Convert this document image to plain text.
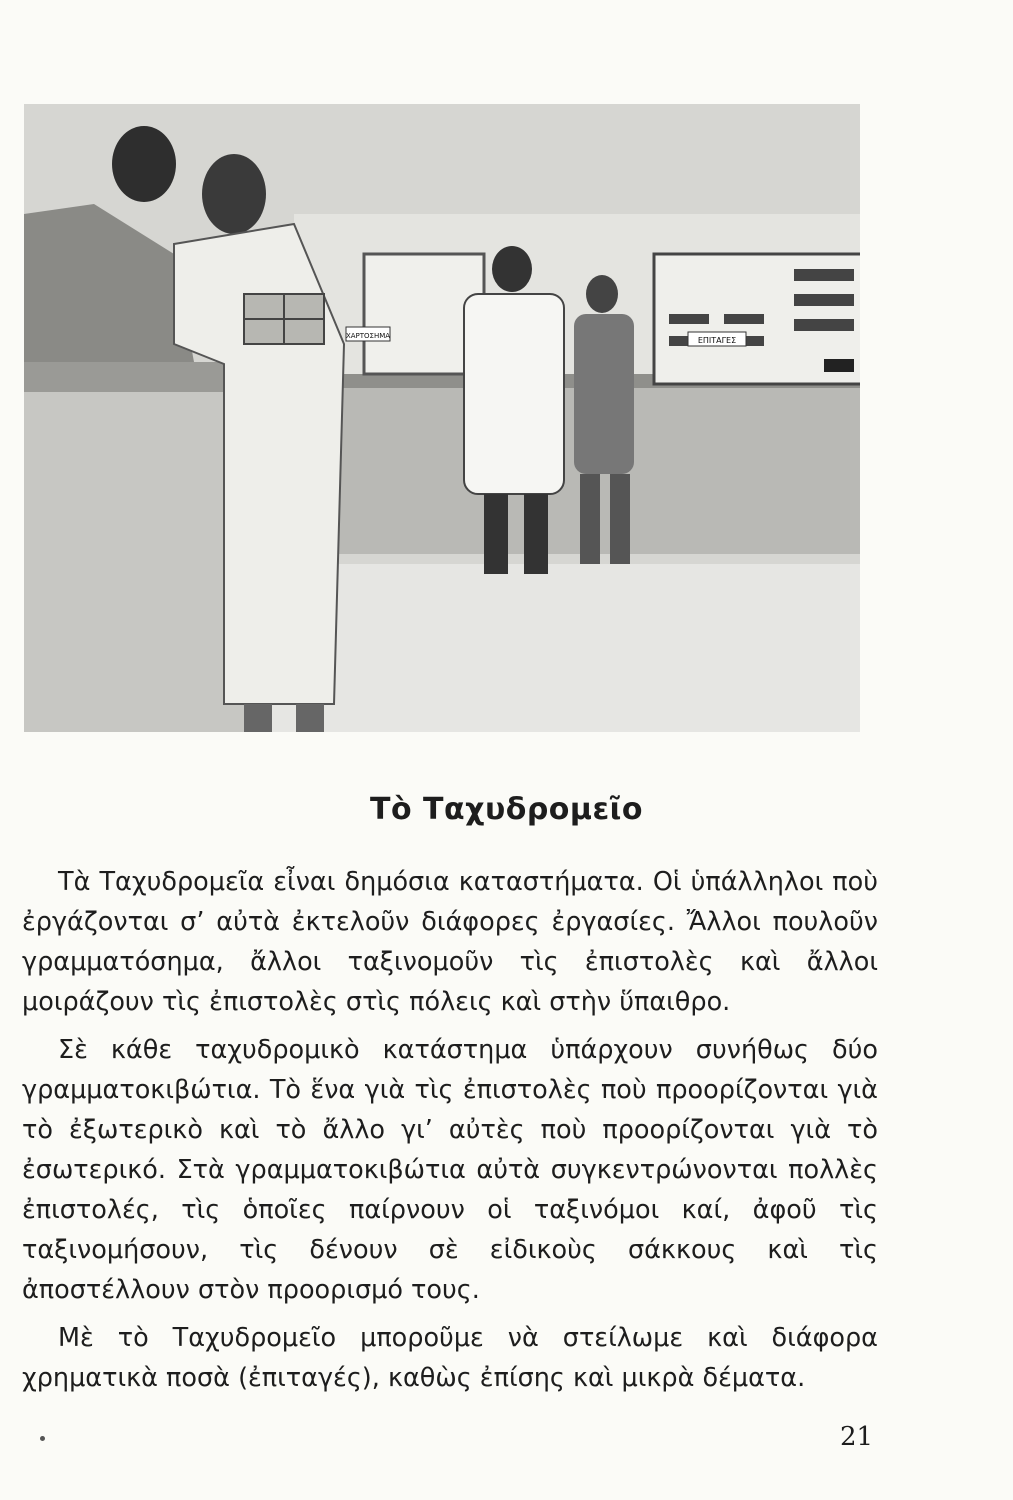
ΕΠΙΤΑΓΕΣ
ΧΑΡΤΟΣΗΜΑ
Τὸ Ταχυδρομεῖο

Τὰ Ταχυδρομεῖα εἶναι δημόσια καταστήματα. Οἱ ὑπάλληλοι ποὺ ἐργάζονται σ’ αὐτὰ ἐκτελοῦν διάφορες ἐργασίες. Ἄλλοι πουλοῦν γραμματόσημα, ἄλλοι ταξινομοῦν τὶς ἐπιστολὲς καὶ ἄλλοι μοιράζουν τὶς ἐπιστολὲς στὶς πόλεις καὶ στὴν ὕπαιθρο.

Σὲ κάθε ταχυδρομικὸ κατάστημα ὑπάρχουν συνήθως δύο γραμματοκιβώτια. Τὸ ἕνα γιὰ τὶς ἐπιστολὲς ποὺ προορίζονται γιὰ τὸ ἐξωτερικὸ καὶ τὸ ἄλλο γι’ αὐτὲς ποὺ προορίζονται γιὰ τὸ ἐσωτερικό. Στὰ γραμματοκιβώτια αὐτὰ συγκεντρώνονται πολλὲς ἐπιστολές, τὶς ὁποῖες παίρνουν οἱ ταξινόμοι καί, ἀφοῦ τὶς ταξινομήσουν, τὶς δένουν σὲ εἰδικοὺς σάκκους καὶ τὶς ἀποστέλλουν στὸν προορισμό τους.

Μὲ τὸ Ταχυδρομεῖο μποροῦμε νὰ στείλωμε καὶ διάφορα χρηματικὰ ποσὰ (ἐπιταγές), καθὼς ἐπίσης καὶ μικρὰ δέματα.

21
